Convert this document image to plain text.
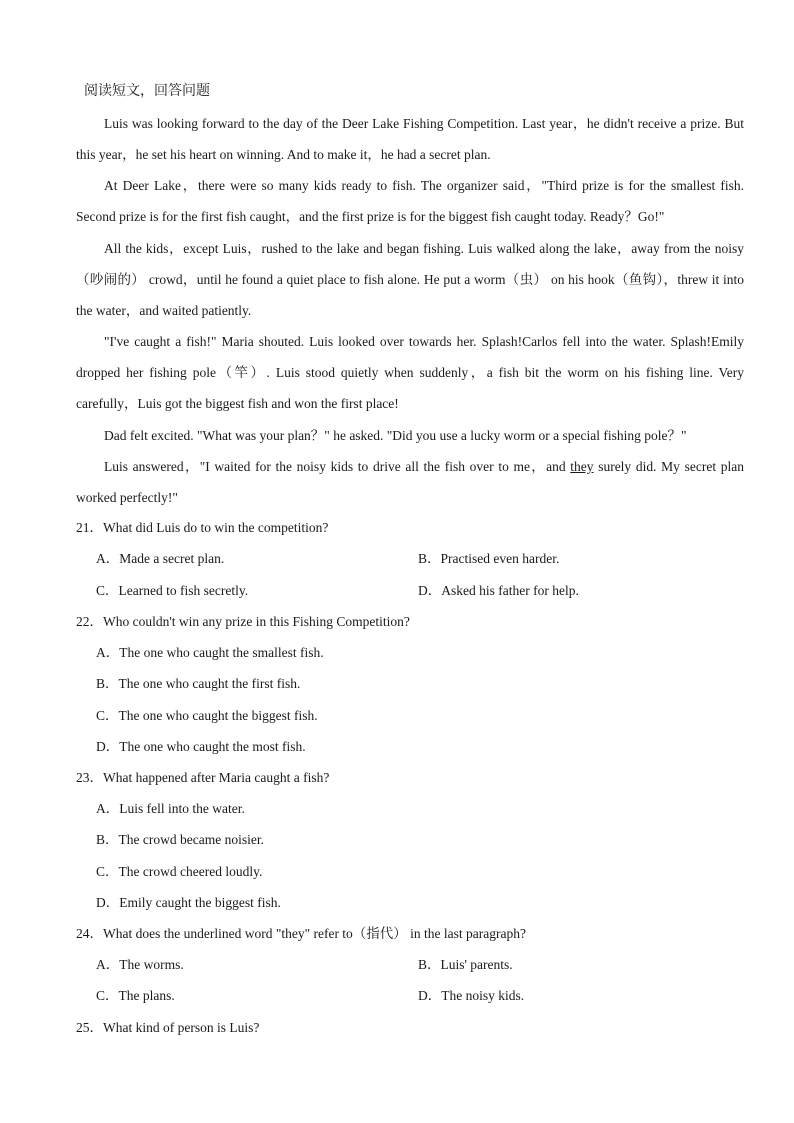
阅读短文，回答问题

Luis was looking forward to the day of the Deer Lake Fishing Competition. Last year，he didn't receive a prize. But this year，he set his heart on winning. And to make it，he had a secret plan.

At Deer Lake，there were so many kids ready to fish. The organizer said，"Third prize is for the smallest fish. Second prize is for the first fish caught，and the first prize is for the biggest fish caught today. Ready？Go!"

All the kids，except Luis，rushed to the lake and began fishing. Luis walked along the lake，away from the noisy （吵闹的） crowd，until he found a quiet place to fish alone. He put a worm（虫） on his hook（鱼钩），threw it into the water，and waited patiently.

"I've caught a fish!" Maria shouted. Luis looked over towards her. Splash!Carlos fell into the water. Splash!Emily dropped her fishing pole（竿）. Luis stood quietly when suddenly，a fish bit the worm on his fishing line. Very carefully，Luis got the biggest fish and won the first place!

Dad felt excited. "What was your plan？" he asked. "Did you use a lucky worm or a special fishing pole？"

Luis answered，"I waited for the noisy kids to drive all the fish over to me，and they surely did. My secret plan worked perfectly!"

21．What did Luis do to win the competition?
A．Made a secret plan.	B．Practised even harder.
C．Learned to fish secretly.	D．Asked his father for help.
22．Who couldn't win any prize in this Fishing Competition?
A．The one who caught the smallest fish.
B．The one who caught the first fish.
C．The one who caught the biggest fish.
D．The one who caught the most fish.
23．What happened after Maria caught a fish?
A．Luis fell into the water.
B．The crowd became noisier.
C．The crowd cheered loudly.
D．Emily caught the biggest fish.
24．What does the underlined word "they" refer to（指代） in the last paragraph?
A．The worms.	B．Luis' parents.
C．The plans.	D．The noisy kids.
25．What kind of person is Luis?
